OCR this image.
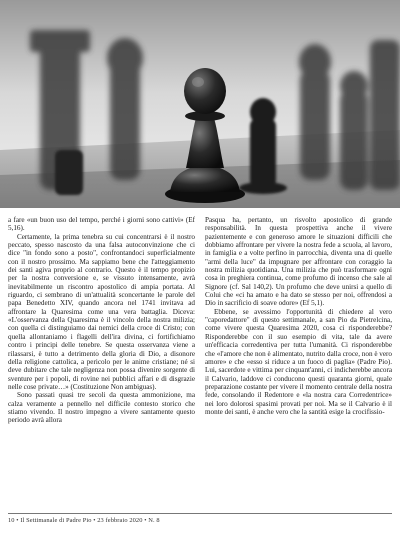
a fare «un buon uso del tempo, perché i giorni sono cattivi» (Ef 5,16).

Certamente, la prima tenebra su cui concentrarsi è il nostro peccato, spesso nascosto da una falsa autoconvinzione che ci dice "in fondo sono a posto", confrontandoci superficialmente con il nostro prossimo. Ma sappiamo bene che l'atteggiamento dei santi agiva proprio al contrario. Questo è il tempo propizio per la nostra conversione e, se vissuto intensamente, avrà inevitabilmente un riscontro apostolico di ampia portata. Al riguardo, ci sembrano di un'attualità sconcertante le parole del papa Benedetto XIV, quando ancora nel 1741 invitava ad affrontare la Quaresima come una vera battaglia. Diceva: «L'osservanza della Quaresima è il vincolo della nostra milizia; con quella ci distinguiamo dai nemici della croce di Cristo; con quella allontaniamo i flagelli dell'ira divina, ci fortifichiamo contro i principi delle tenebre. Se questa osservanza viene a rilassarsi, è tutto a detrimento della gloria di Dio, a disonore della religione cattolica, a pericolo per le anime cristiane; né si deve dubitare che tale negligenza non possa divenire sorgente di sventure per i popoli, di rovine nei pubblici affari e di disgrazie nelle cose private…» (Costituzione Non ambiguas).

Sono passati quasi tre secoli da questa ammonizione, ma calza veramente a pennello nel difficile contesto storico che stiamo vivendo. Il nostro impegno a vivere santamente questo periodo avrà allora

Pasqua ha, pertanto, un risvolto apostolico di grande responsabilità. In questa prospettiva anche il vivere pazientemente e con generoso amore le situazioni difficili che dobbiamo affrontare per vivere la nostra fede a scuola, al lavoro, in famiglia e a volte perfino in parrocchia, diventa una di quelle "armi della luce" da impugnare per affrontare con coraggio la nostra milizia quotidiana. Una milizia che può trasformare ogni cosa in preghiera continua, come profumo di incenso che sale al Signore (cf. Sal 140,2). Un profumo che deve unirsi a quello di Colui che «ci ha amato e ha dato se stesso per noi, offrendosi a Dio in sacrificio di soave odore» (Ef 5,1).

Ebbene, se avessimo l'opportunità di chiedere al vero "caporedattore" di questo settimanale, a san Pio da Pietrelcina, come vivere questa Quaresima 2020, cosa ci risponderebbe? Risponderebbe con il suo esempio di vita, tale da avere un'efficacia corredentiva per tutta l'umanità. Ci risponderebbe che «l'amore che non è alimentato, nutrito dalla croce, non è vero amore» e che «esso si riduce a un fuoco di paglia» (Padre Pio). Lui, sacerdote e vittima per cinquant'anni, ci indicherebbe ancora il Calvario, laddove ci conducono questi quaranta giorni, quale preparazione costante per vivere il momento centrale della nostra fede, consolando il Redentore e «la nostra cara Corredentrice» nei loro dolorosi spasimi provati per noi. Ma se il Calvario è il monte dei santi, è anche vero che la santità esige la crocifissio-

10 • Il Settimanale di Padre Pio • 23 febbraio 2020 • N. 8
